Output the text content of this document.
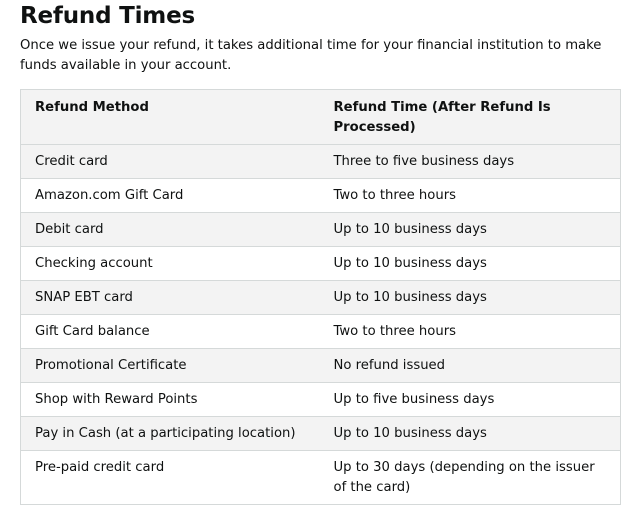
Refund Times

Once we issue your refund, it takes additional time for your financial institution to make funds available in your account.

Refund Method	Refund Time (After Refund Is Processed)
Credit card	Three to five business days
Amazon.com Gift Card	Two to three hours
Debit card	Up to 10 business days
Checking account	Up to 10 business days
SNAP EBT card	Up to 10 business days
Gift Card balance	Two to three hours
Promotional Certificate	No refund issued
Shop with Reward Points	Up to five business days
Pay in Cash (at a participating location)	Up to 10 business days
Pre-paid credit card	Up to 30 days (depending on the issuer of the card)
